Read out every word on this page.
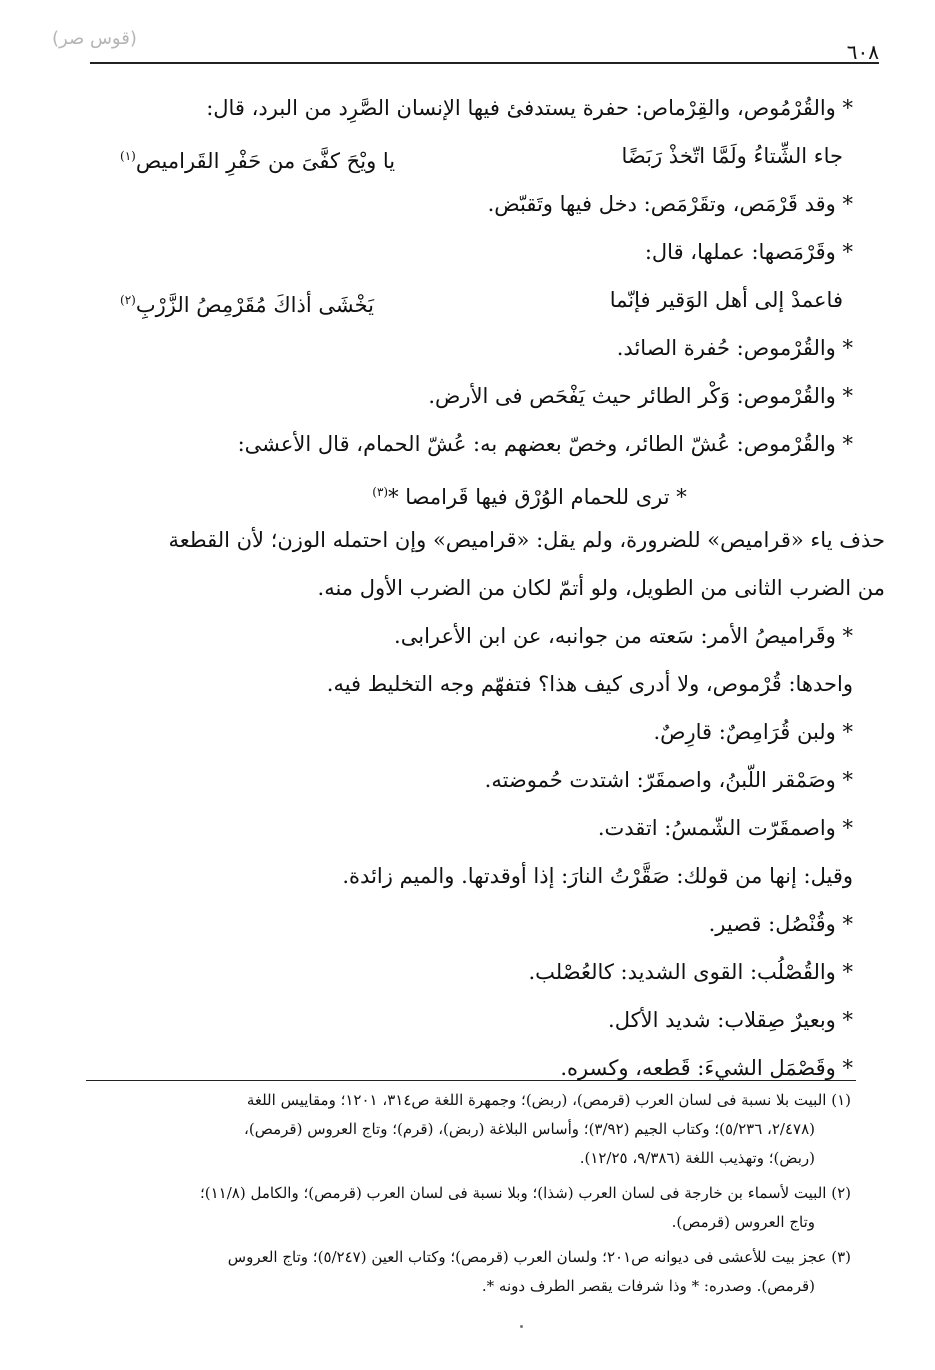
(قوس صر)
٦٠٨
* والقُرْمُوص، والقِرْماص: حفرة يستدفئ فيها الإنسان الصَّرِد من البرد، قال:
جاء الشِّتاءُ ولَمَّا اتّخذْ رَبَضًا
يا ويْحَ كفَّىَ من حَفْرِ القَراميص$^{(١)}$
* وقد قَرْمَص، وتقَرْمَص: دخل فيها وتَقبّض.
* وقَرْمَصها: عملها، قال:
فاعمدْ إلى أهل الوَقير فإنّما
يَخْشَى أذاكَ مُقَرْمِصُ الزَّرْبِ$^{(٢)}$
* والقُرْموص: حُفرة الصائد.
* والقُرْموص: وَكْر الطائر حيث يَفْحَص فى الأرض.
* والقُرْموص: عُشّ الطائر، وخصّ بعضهم به: عُشّ الحمام، قال الأعشى:
* ترى للحمام الوُرْق فيها قَرامصا *$^{(٣)}$
حذف ياء «قراميص» للضرورة، ولم يقل: «قراميص» وإن احتمله الوزن؛ لأن القطعة
من الضرب الثانى من الطويل، ولو أتمّ لكان من الضرب الأول منه.
* وقَراميصُ الأمر: سَعته من جوانبه، عن ابن الأعرابى.
واحدها: قُرْموص، ولا أدرى كيف هذا؟ فتفهّم وجه التخليط فيه.
* ولبن قُرَامِصٌ: قارِصٌ.
* وصَمْقر اللّبنُ، واصمقَرّ: اشتدت حُموضته.
* واصمقَرّت الشّمسُ: اتقدت.
وقيل: إنها من قولك: صَقَّرْتُ النارَ: إذا أوقدتها. والميم زائدة.
* وقُنْصُل: قصير.
* والقُصْلُب: القوى الشديد: كالعُصْلب.
* وبعيرٌ صِقلاب: شديد الأكل.
* وقَصْمَل الشيءَ: قَطعه، وكسره.
(١) البيت بلا نسبة فى لسان العرب (قرمص)، (ربض)؛ وجمهرة اللغة ص٣١٤، ١٢٠١؛ ومقاييس اللغة
(٢/٤٧٨، ٥/٢٣٦)؛ وكتاب الجيم (٣/٩٢)؛ وأساس البلاغة (ربض)، (قرم)؛ وتاج العروس (قرمص)،
(ربض)؛ وتهذيب اللغة (٩/٣٨٦، ١٢/٢٥).
(٢) البيت لأسماء بن خارجة فى لسان العرب (شذا)؛ وبلا نسبة فى لسان العرب (قرمص)؛ والكامل (١١/٨)؛
وتاج العروس (قرمص).
(٣) عجز بيت للأعشى فى ديوانه ص٢٠١؛ ولسان العرب (قرمص)؛ وكتاب العين (٥/٢٤٧)؛ وتاج العروس
(قرمص). وصدره: * وذا شرفات يقصر الطرف دونه *.
